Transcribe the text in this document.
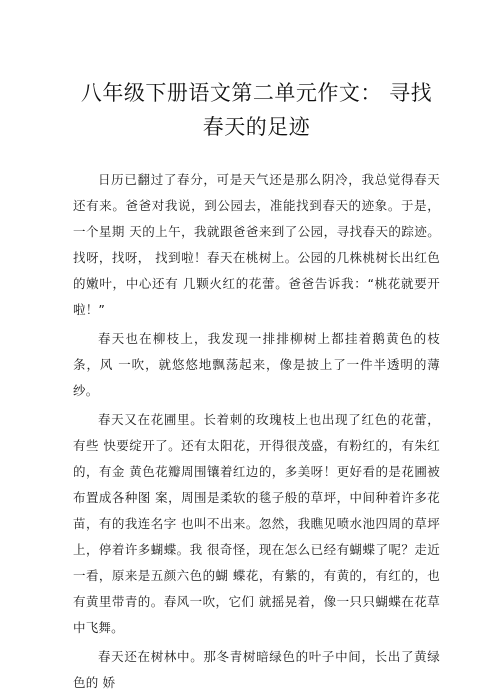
八年级下册语文第二单元作文： 寻找春天的足迹

日历已翻过了春分，可是天气还是那么阴冷，我总觉得春天还有来。爸爸对我说，到公园去，准能找到春天的迹象。于是，一个星期 天的上午，我就跟爸爸来到了公园，寻找春天的踪迹。找呀，找呀， 找到啦！春天在桃树上。公园的几株桃树长出红色的嫩叶，中心还有 几颗火红的花蕾。爸爸告诉我：“桃花就要开啦！”

春天也在柳枝上，我发现一排排柳树上都挂着鹅黄色的枝条，风 一吹，就悠悠地飘荡起来，像是披上了一件半透明的薄纱。

春天又在花圃里。长着刺的玫瑰枝上也出现了红色的花蕾，有些 快要绽开了。还有太阳花，开得很茂盛，有粉红的，有朱红的，有金 黄色花瓣周围镶着红边的，多美呀！更好看的是花圃被布置成各种图 案，周围是柔软的毯子般的草坪，中间种着许多花苗，有的我连名字 也叫不出来。忽然，我瞧见喷水池四周的草坪上，停着许多蝴蝶。我 很奇怪，现在怎么已经有蝴蝶了呢？走近一看，原来是五颜六色的蝴 蝶花，有紫的，有黄的，有红的，也有黄里带青的。春风一吹，它们 就摇晃着，像一只只蝴蝶在花草中飞舞。

春天还在树林中。那冬青树暗绿色的叶子中间，长出了黄绿色的 娇
